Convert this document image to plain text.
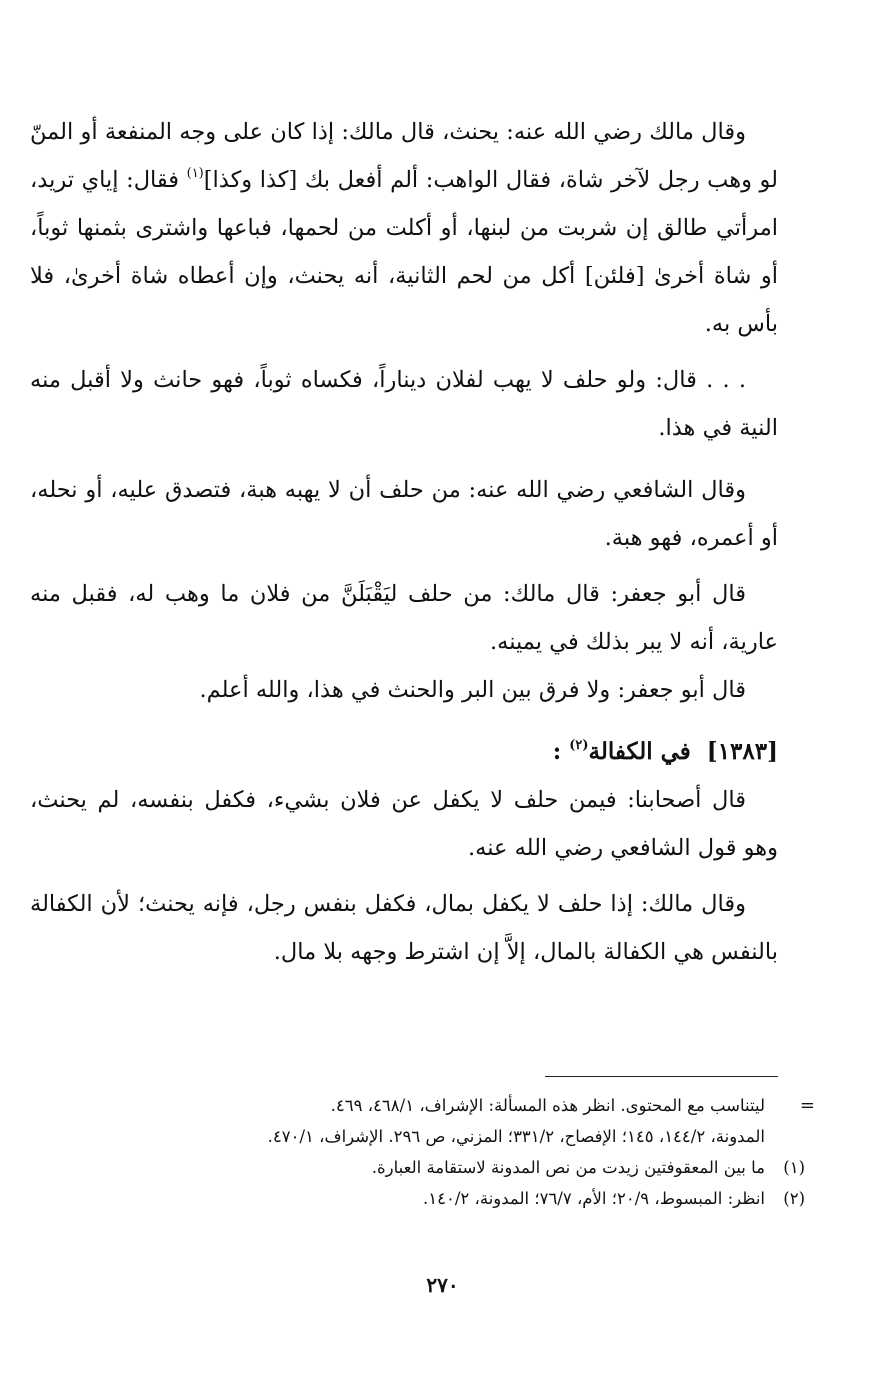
وقال مالك رضي الله عنه: يحنث، قال مالك: إذا كان على وجه المنفعة أو المنّ لو وهب رجل لآخر شاة، فقال الواهب: ألم أفعل بك [كذا وكذا]$^{(١)}$ فقال: إياي تريد، امرأتي طالق إن شربت من لبنها، أو أكلت من لحمها، فباعها واشترى بثمنها ثوباً، أو شاة أخرىٰ [فلئن] أكل من لحم الثانية، أنه يحنث، وإن أعطاه شاة أخرىٰ، فلا بأس به.

. . . قال: ولو حلف لا يهب لفلان ديناراً، فكساه ثوباً، فهو حانث ولا أقبل منه النية في هذا.

وقال الشافعي رضي الله عنه: من حلف أن لا يهبه هبة، فتصدق عليه، أو نحله، أو أعمره، فهو هبة.

قال أبو جعفر: قال مالك: من حلف ليَقْبَلَنَّ من فلان ما وهب له، فقبل منه عارية، أنه لا يبر بذلك في يمينه.

قال أبو جعفر: ولا فرق بين البر والحنث في هذا، والله أعلم.

[١٣٨٣]  في الكفالة$^{(٢)}$ :

قال أصحابنا: فيمن حلف لا يكفل عن فلان بشيء، فكفل بنفسه، لم يحنث، وهو قول الشافعي رضي الله عنه.

وقال مالك: إذا حلف لا يكفل بمال، فكفل بنفس رجل، فإنه يحنث؛ لأن الكفالة بالنفس هي الكفالة بالمال، إلاَّ إن اشترط وجهه بلا مال.

=
ليتناسب مع المحتوى. انظر هذه المسألة: الإشراف، ٤٦٨/١، ٤٦٩.
المدونة، ١٤٤/٢، ١٤٥؛ الإفصاح، ٣٣١/٢؛ المزني، ص ٢٩٦. الإشراف، ٤٧٠/١.
(١)
ما بين المعقوفتين زيدت من نص المدونة لاستقامة العبارة.
(٢)
انظر: المبسوط، ٢٠/٩؛ الأم، ٧٦/٧؛ المدونة، ١٤٠/٢.
٢٧٠
